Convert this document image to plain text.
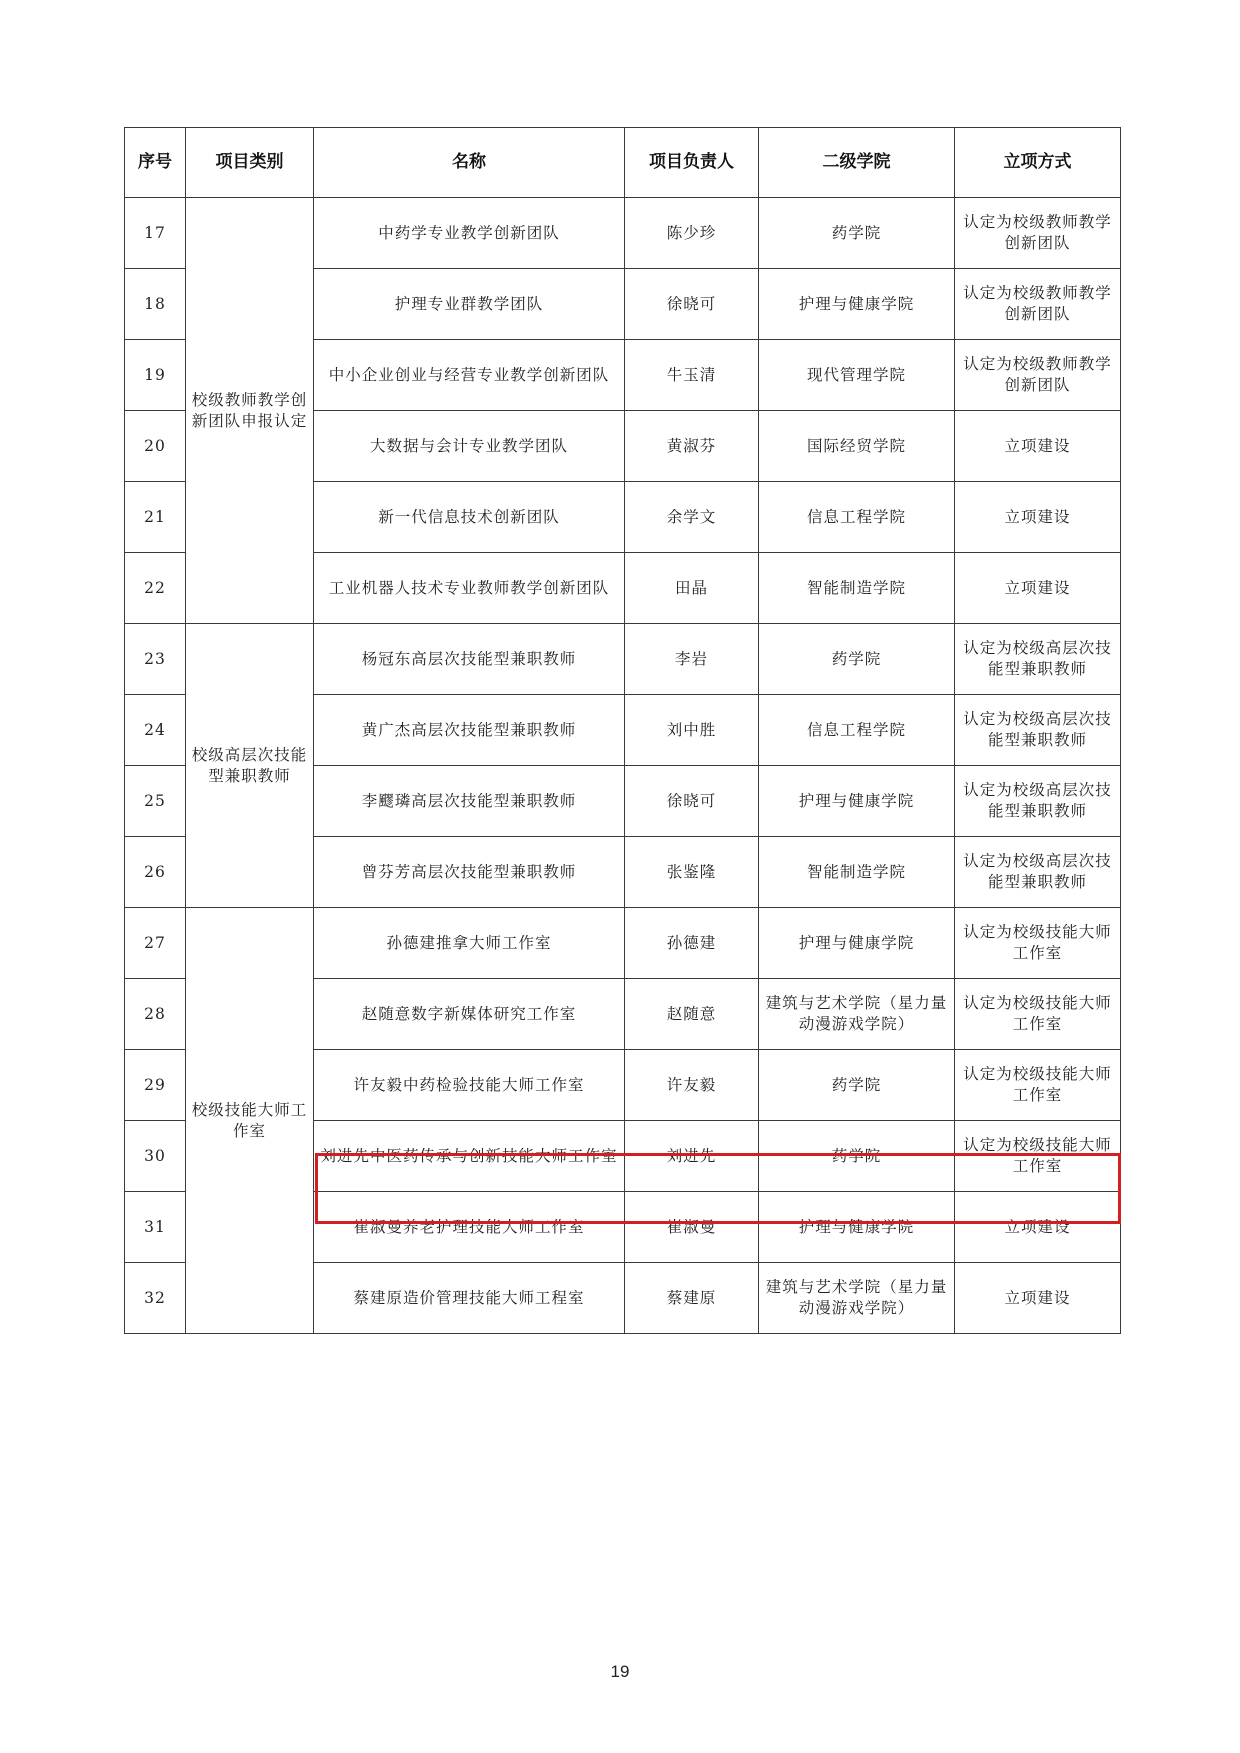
序号	项目类别	名称	项目负责人	二级学院	立项方式
17	校级教师教学创新团队申报认定	中药学专业教学创新团队	陈少珍	药学院	认定为校级教师教学创新团队
18		护理专业群教学团队	徐晓可	护理与健康学院	认定为校级教师教学创新团队
19		中小企业创业与经营专业教学创新团队	牛玉清	现代管理学院	认定为校级教师教学创新团队
20		大数据与会计专业教学团队	黄淑芬	国际经贸学院	立项建设
21		新一代信息技术创新团队	余学文	信息工程学院	立项建设
22		工业机器人技术专业教师教学创新团队	田晶	智能制造学院	立项建设
23	校级高层次技能型兼职教师	杨冠东高层次技能型兼职教师	李岩	药学院	认定为校级高层次技能型兼职教师
24		黄广杰高层次技能型兼职教师	刘中胜	信息工程学院	认定为校级高层次技能型兼职教师
25		李飂璘高层次技能型兼职教师	徐晓可	护理与健康学院	认定为校级高层次技能型兼职教师
26		曾芬芳高层次技能型兼职教师	张鉴隆	智能制造学院	认定为校级高层次技能型兼职教师
27	校级技能大师工作室	孙德建推拿大师工作室	孙德建	护理与健康学院	认定为校级技能大师工作室
28		赵随意数字新媒体研究工作室	赵随意	建筑与艺术学院（星力量动漫游戏学院）	认定为校级技能大师工作室
29		许友毅中药检验技能大师工作室	许友毅	药学院	认定为校级技能大师工作室
30		刘进先中医药传承与创新技能大师工作室	刘进先	药学院	认定为校级技能大师工作室
31		崔淑曼养老护理技能大师工作室	崔淑曼	护理与健康学院	立项建设
32		蔡建原造价管理技能大师工程室	蔡建原	建筑与艺术学院（星力量动漫游戏学院）	立项建设
19
